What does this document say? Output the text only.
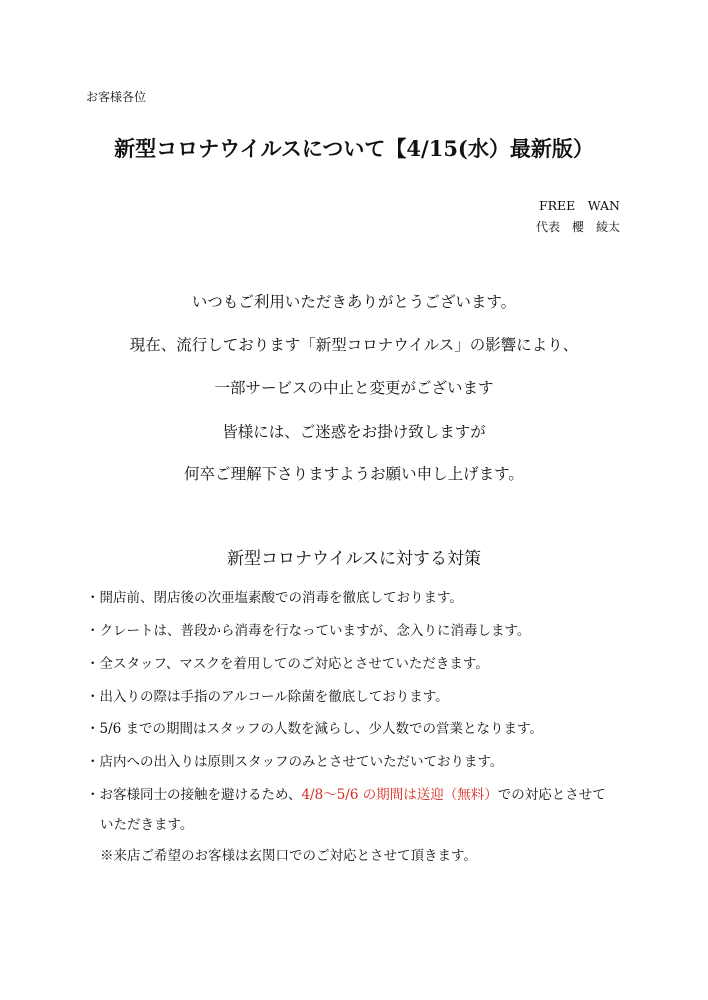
お客様各位
新型コロナウイルスについて【4/15(水）最新版）
FREE　WAN
代表　櫻　綾太
いつもご利用いただきありがとうございます。
現在、流行しております「新型コロナウイルス」の影響により、
一部サービスの中止と変更がございます
皆様には、ご迷惑をお掛け致しますが
何卒ご理解下さりますようお願い申し上げます。
新型コロナウイルスに対する対策
・開店前、閉店後の次亜塩素酸での消毒を徹底しております。
・クレートは、普段から消毒を行なっていますが、念入りに消毒します。
・全スタッフ、マスクを着用してのご対応とさせていただきます。
・出入りの際は手指のアルコール除菌を徹底しております。
・5/6 までの期間はスタッフの人数を減らし、少人数での営業となります。
・店内への出入りは原則スタッフのみとさせていただいております。
・お客様同士の接触を避けるため、4/8～5/6 の期間は送迎（無料）での対応とさせて
いただきます。
※来店ご希望のお客様は玄関口でのご対応とさせて頂きます。
